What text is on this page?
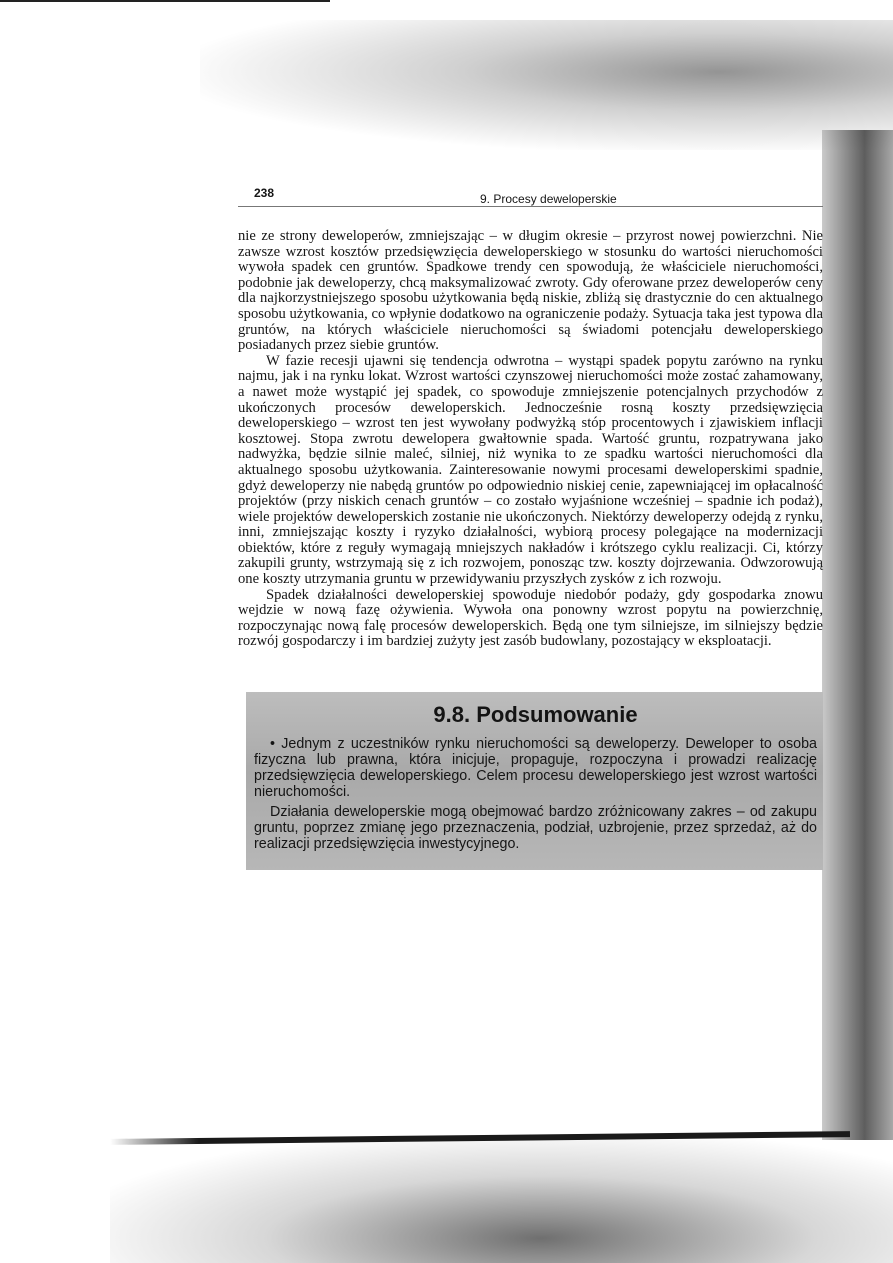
238	9. Procesy deweloperskie

nie ze strony deweloperów, zmniejszając – w długim okresie – przyrost nowej powierzchni. Nie zawsze wzrost kosztów przedsięwzięcia deweloperskiego w stosunku do wartości nieruchomości wywoła spadek cen gruntów. Spadkowe trendy cen spowodują, że właściciele nieruchomości, podobnie jak deweloperzy, chcą maksymalizować zwroty. Gdy oferowane przez deweloperów ceny dla najkorzystniejszego sposobu użytkowania będą niskie, zbliżą się drastycznie do cen aktualnego sposobu użytkowania, co wpłynie dodatkowo na ograniczenie podaży. Sytuacja taka jest typowa dla gruntów, na których właściciele nieruchomości są świadomi potencjału deweloperskiego posiadanych przez siebie gruntów.

W fazie recesji ujawni się tendencja odwrotna – wystąpi spadek popytu zarówno na rynku najmu, jak i na rynku lokat. Wzrost wartości czynszowej nieruchomości może zostać zahamowany, a nawet może wystąpić jej spadek, co spowoduje zmniejszenie potencjalnych przychodów z ukończonych procesów deweloperskich. Jednocześnie rosną koszty przedsięwzięcia deweloperskiego – wzrost ten jest wywołany podwyżką stóp procentowych i zjawiskiem inflacji kosztowej. Stopa zwrotu dewelopera gwałtownie spada. Wartość gruntu, rozpatrywana jako nadwyżka, będzie silnie maleć, silniej, niż wynika to ze spadku wartości nieruchomości dla aktualnego sposobu użytkowania. Zainteresowanie nowymi procesami deweloperskimi spadnie, gdyż deweloperzy nie nabędą gruntów po odpowiednio niskiej cenie, zapewniającej im opłacalność projektów (przy niskich cenach gruntów – co zostało wyjaśnione wcześniej – spadnie ich podaż), wiele projektów deweloperskich zostanie nie ukończonych. Niektórzy deweloperzy odejdą z rynku, inni, zmniejszając koszty i ryzyko działalności, wybiorą procesy polegające na modernizacji obiektów, które z reguły wymagają mniejszych nakładów i krótszego cyklu realizacji. Ci, którzy zakupili grunty, wstrzymają się z ich rozwojem, ponosząc tzw. koszty dojrzewania. Odwzorowują one koszty utrzymania gruntu w przewidywaniu przyszłych zysków z ich rozwoju.

Spadek działalności deweloperskiej spowoduje niedobór podaży, gdy gospodarka znowu wejdzie w nową fazę ożywienia. Wywoła ona ponowny wzrost popytu na powierzchnię, rozpoczynając nową falę procesów deweloperskich. Będą one tym silniejsze, im silniejszy będzie rozwój gospodarczy i im bardziej zużyty jest zasób budowlany, pozostający w eksploatacji.

9.8. Podsumowanie

• Jednym z uczestników rynku nieruchomości są deweloperzy. Deweloper to osoba fizyczna lub prawna, która inicjuje, propaguje, rozpoczyna i prowadzi realizację przedsięwzięcia deweloperskiego. Celem procesu deweloperskiego jest wzrost wartości nieruchomości.

Działania deweloperskie mogą obejmować bardzo zróżnicowany zakres – od zakupu gruntu, poprzez zmianę jego przeznaczenia, podział, uzbrojenie, przez sprzedaż, aż do realizacji przedsięwzięcia inwestycyjnego.
